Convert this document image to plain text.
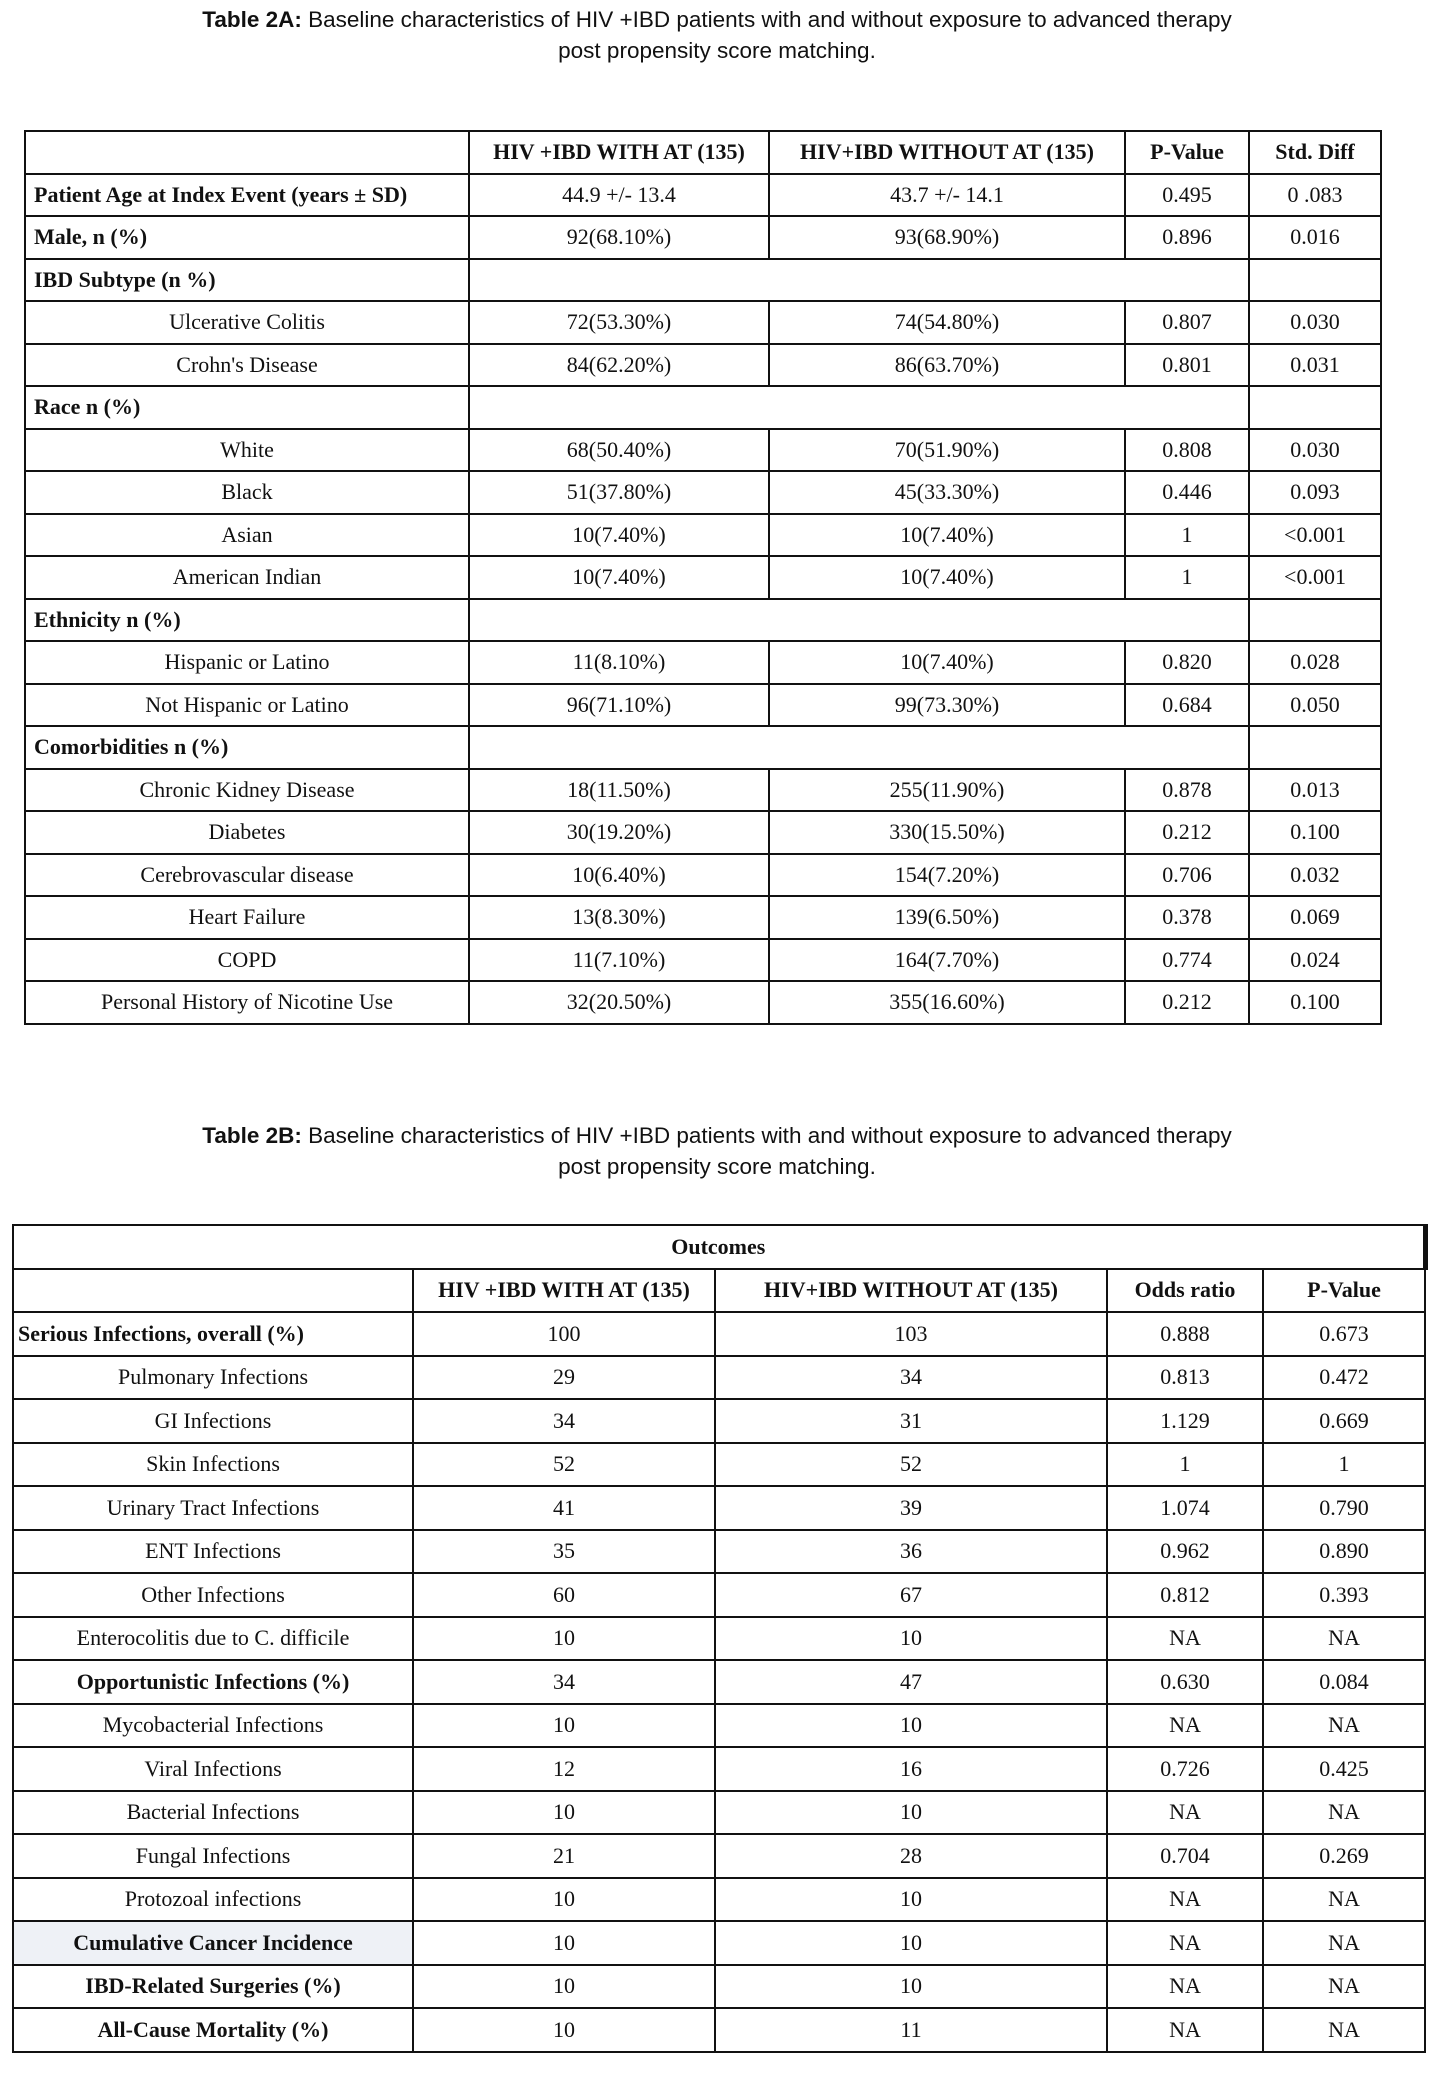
Table 2A: Baseline characteristics of HIV +IBD patients with and without exposure to advanced therapy
post propensity score matching.
	HIV +IBD WITH AT (135)	HIV+IBD WITHOUT AT (135)	P-Value	Std. Diff
Patient Age at Index Event (years ± SD)	44.9 +/- 13.4	43.7 +/- 14.1	0.495	0 .083
Male, n (%)	92(68.10%)	93(68.90%)	0.896	0.016
IBD Subtype (n %)				
Ulcerative Colitis	72(53.30%)	74(54.80%)	0.807	0.030
Crohn's Disease	84(62.20%)	86(63.70%)	0.801	0.031
Race n (%)				
White	68(50.40%)	70(51.90%)	0.808	0.030
Black	51(37.80%)	45(33.30%)	0.446	0.093
Asian	10(7.40%)	10(7.40%)	1	<0.001
American Indian	10(7.40%)	10(7.40%)	1	<0.001
Ethnicity n (%)				
Hispanic or Latino	11(8.10%)	10(7.40%)	0.820	0.028
Not Hispanic or Latino	96(71.10%)	99(73.30%)	0.684	0.050
Comorbidities n (%)				
Chronic Kidney Disease	18(11.50%)	255(11.90%)	0.878	0.013
Diabetes	30(19.20%)	330(15.50%)	0.212	0.100
Cerebrovascular disease	10(6.40%)	154(7.20%)	0.706	0.032
Heart Failure	13(8.30%)	139(6.50%)	0.378	0.069
COPD	11(7.10%)	164(7.70%)	0.774	0.024
Personal History of Nicotine Use	32(20.50%)	355(16.60%)	0.212	0.100
Table 2B: Baseline characteristics of HIV +IBD patients with and without exposure to advanced therapy
post propensity score matching.
Outcomes				
	HIV +IBD WITH AT (135)	HIV+IBD WITHOUT AT (135)	Odds ratio	P-Value
Serious Infections, overall (%)	100	103	0.888	0.673
Pulmonary Infections	29	34	0.813	0.472
GI Infections	34	31	1.129	0.669
Skin Infections	52	52	1	1
Urinary Tract Infections	41	39	1.074	0.790
ENT Infections	35	36	0.962	0.890
Other Infections	60	67	0.812	0.393
Enterocolitis due to C. difficile	10	10	NA	NA
Opportunistic Infections (%)	34	47	0.630	0.084
Mycobacterial Infections	10	10	NA	NA
Viral Infections	12	16	0.726	0.425
Bacterial Infections	10	10	NA	NA
Fungal Infections	21	28	0.704	0.269
Protozoal infections	10	10	NA	NA
Cumulative Cancer Incidence	10	10	NA	NA
IBD-Related Surgeries (%)	10	10	NA	NA
All-Cause Mortality (%)	10	11	NA	NA
